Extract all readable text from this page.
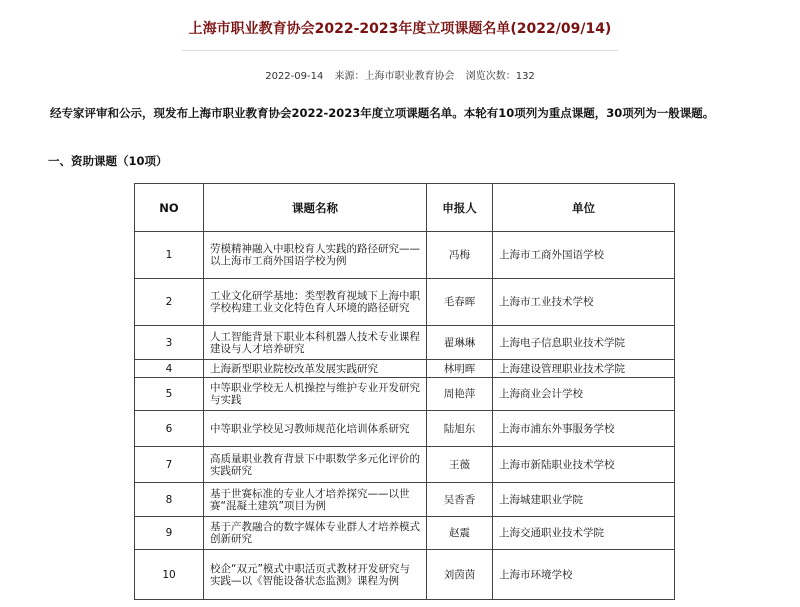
上海市职业教育协会2022-2023年度立项课题名单(2022/09/14)
2022-09-14 来源：上海市职业教育协会 浏览次数：132

经专家评审和公示，现发布上海市职业教育协会2022-2023年度立项课题名单。本轮有10项列为重点课题，30项列为一般课题。

一、资助课题（10项）
NO	课题名称	申报人	单位
1	劳模精神融入中职校育人实践的路径研究——以上海市工商外国语学校为例	冯梅	上海市工商外国语学校
2	工业文化研学基地：类型教育视域下上海中职学校构建工业文化特色育人环境的路径研究	毛春晖	上海市工业技术学校
3	人工智能背景下职业本科机器人技术专业课程建设与人才培养研究	翟琳琳	上海电子信息职业技术学院
4	上海新型职业院校改革发展实践研究	林明晖	上海建设管理职业技术学院
5	中等职业学校无人机操控与维护专业开发研究与实践	周艳萍	上海商业会计学校
6	中等职业学校见习教师规范化培训体系研究	陆旭东	上海市浦东外事服务学校
7	高质量职业教育背景下中职数学多元化评价的实践研究	王薇	上海市新陆职业技术学校
8	基于世赛标准的专业人才培养探究——以世赛“混凝土建筑”项目为例	吴香香	上海城建职业学院
9	基于产教融合的数字媒体专业群人才培养模式创新研究	赵震	上海交通职业技术学院
10	校企“双元”模式中职活页式教材开发研究与实践—以《智能设备状态监测》课程为例	刘茵茵	上海市环境学校
